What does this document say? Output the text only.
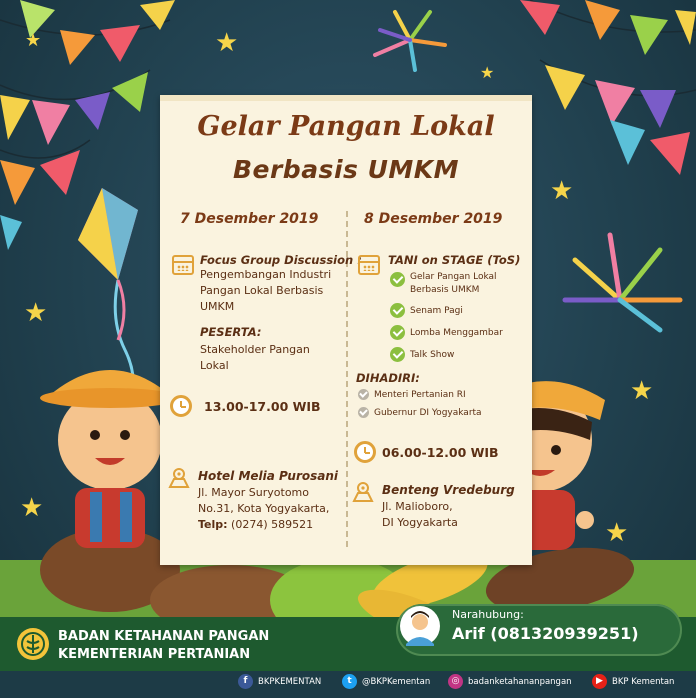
★
★
★
★
★
★
★
★
Gelar Pangan Lokal
Berbasis UMKM
7 Desember 2019	8 Desember 2019
Focus Group Discussion :
Pengembangan Industri
Pangan Lokal Berbasis
UMKM
PESERTA:
Stakeholder Pangan
Lokal
13.00-17.00 WIB
Hotel Melia Purosani
Jl. Mayor Suryotomo
No.31, Kota Yogyakarta,
Telp: (0274) 589521
TANI on STAGE (ToS)
Gelar Pangan Lokal
Berbasis UMKM
Senam Pagi
Lomba Menggambar
Talk Show
DIHADIRI:
Menteri Pertanian RI
Gubernur DI Yogyakarta
06.00-12.00 WIB
Benteng Vredeburg
Jl. Malioboro,
DI Yogyakarta
BADAN KETAHANAN PANGAN
KEMENTERIAN PERTANIAN
Narahubung:
Arif (081320939251)
f	BKPKEMENTAN	t	@BKPKementan	◎	badanketahananpangan	▶	BKP Kementan
